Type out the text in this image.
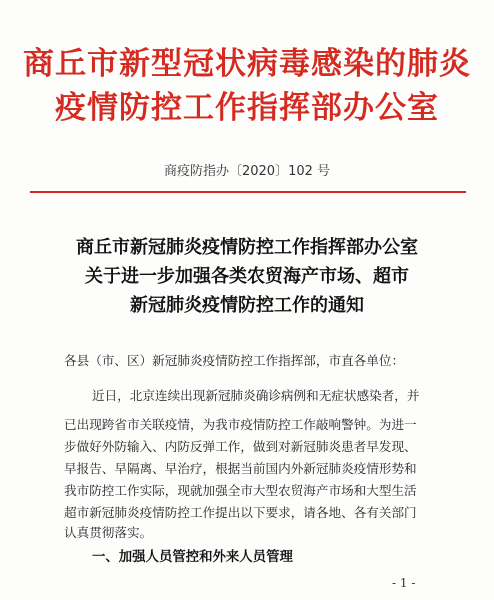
商丘市新型冠状病毒感染的肺炎
疫情防控工作指挥部办公室
商疫防指办〔2020〕102 号
商丘市新冠肺炎疫情防控工作指挥部办公室
关于进一步加强各类农贸海产市场、超市
新冠肺炎疫情防控工作的通知
各县（市、区）新冠肺炎疫情防控工作指挥部，市直各单位：
近日，北京连续出现新冠肺炎确诊病例和无症状感染者，并
已出现跨省市关联疫情，为我市疫情防控工作敲响警钟。为进一
步做好外防输入、内防反弹工作，做到对新冠肺炎患者早发现、
早报告、早隔离、早治疗，根据当前国内外新冠肺炎疫情形势和
我市防控工作实际，现就加强全市大型农贸海产市场和大型生活
超市新冠肺炎疫情防控工作提出以下要求，请各地、各有关部门
一、加强人员管控和外来人员管理
- 1 -
认真贯彻落实。
